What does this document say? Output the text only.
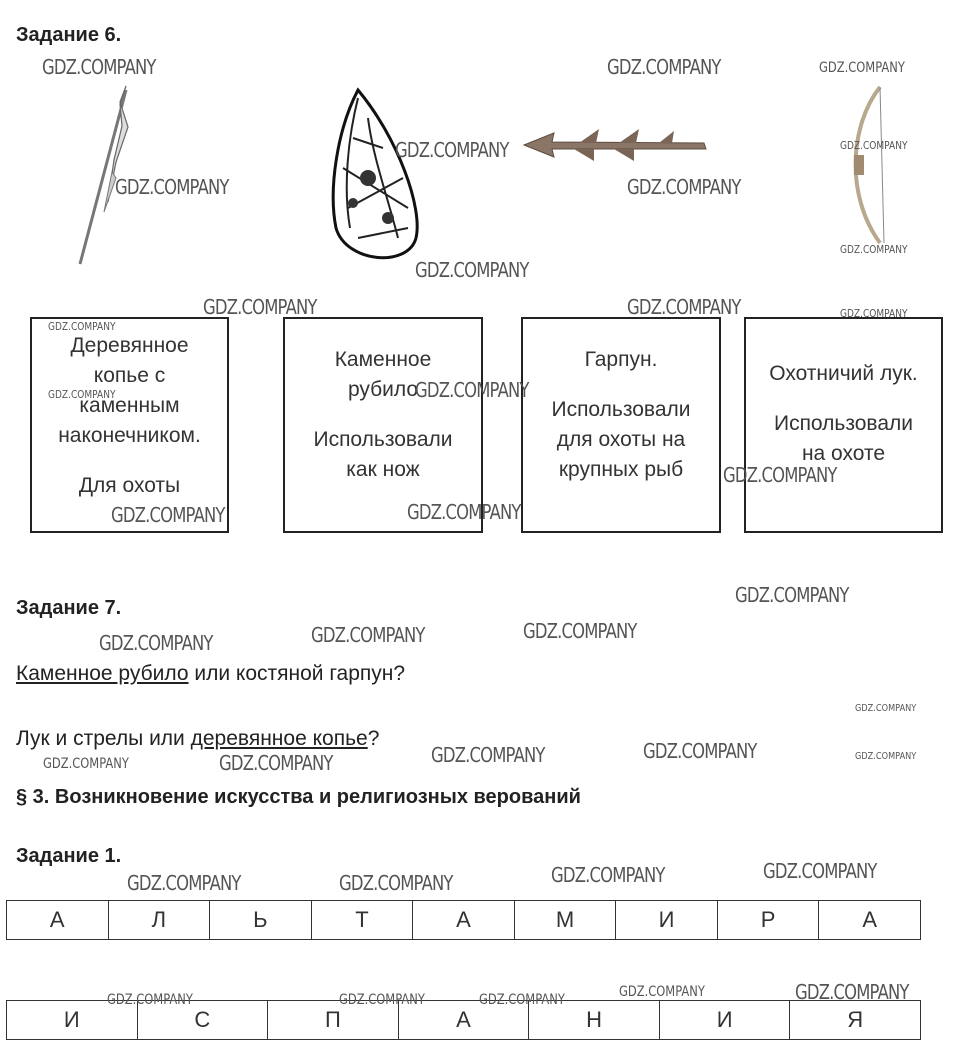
Задание 6.

Деревянное копье с каменным наконечником.

Для охоты

Каменное рубило

Использовали как нож

Гарпун.

Использовали для охоты на крупных рыб

Охотничий лук.

Использовали на охоте

Задание 7.
Каменное рубило или костяной гарпун?
Лук и стрелы или деревянное копье?
§ 3. Возникновение искусства и религиозных верований
Задание 1.
А	Л	Ь	Т	А	М	И	Р	А
И	С	П	А	Н	И	Я
GDZ.COMPANY	GDZ.COMPANY	GDZ.COMPANY
GDZ.COMPANY	GDZ.COMPANY
GDZ.COMPANY	GDZ.COMPANY
GDZ.COMPANY
GDZ.COMPANY
GDZ.COMPANY	GDZ.COMPANY	GDZ.COMPANY
GDZ.COMPANY
GDZ.COMPANY	GDZ.COMPANY
GDZ.COMPANY
GDZ.COMPANY
GDZ.COMPANY
GDZ.COMPANY
GDZ.COMPANY	GDZ.COMPANY
GDZ.COMPANY
GDZ.COMPANY
GDZ.COMPANY
GDZ.COMPANY	GDZ.COMPANY
GDZ.COMPANY	GDZ.COMPANY
GDZ.COMPANY	GDZ.COMPANY
GDZ.COMPANY	GDZ.COMPANY
GDZ.COMPANY	GDZ.COMPANY
GDZ.COMPANY	GDZ.COMPANY	GDZ.COMPANY
